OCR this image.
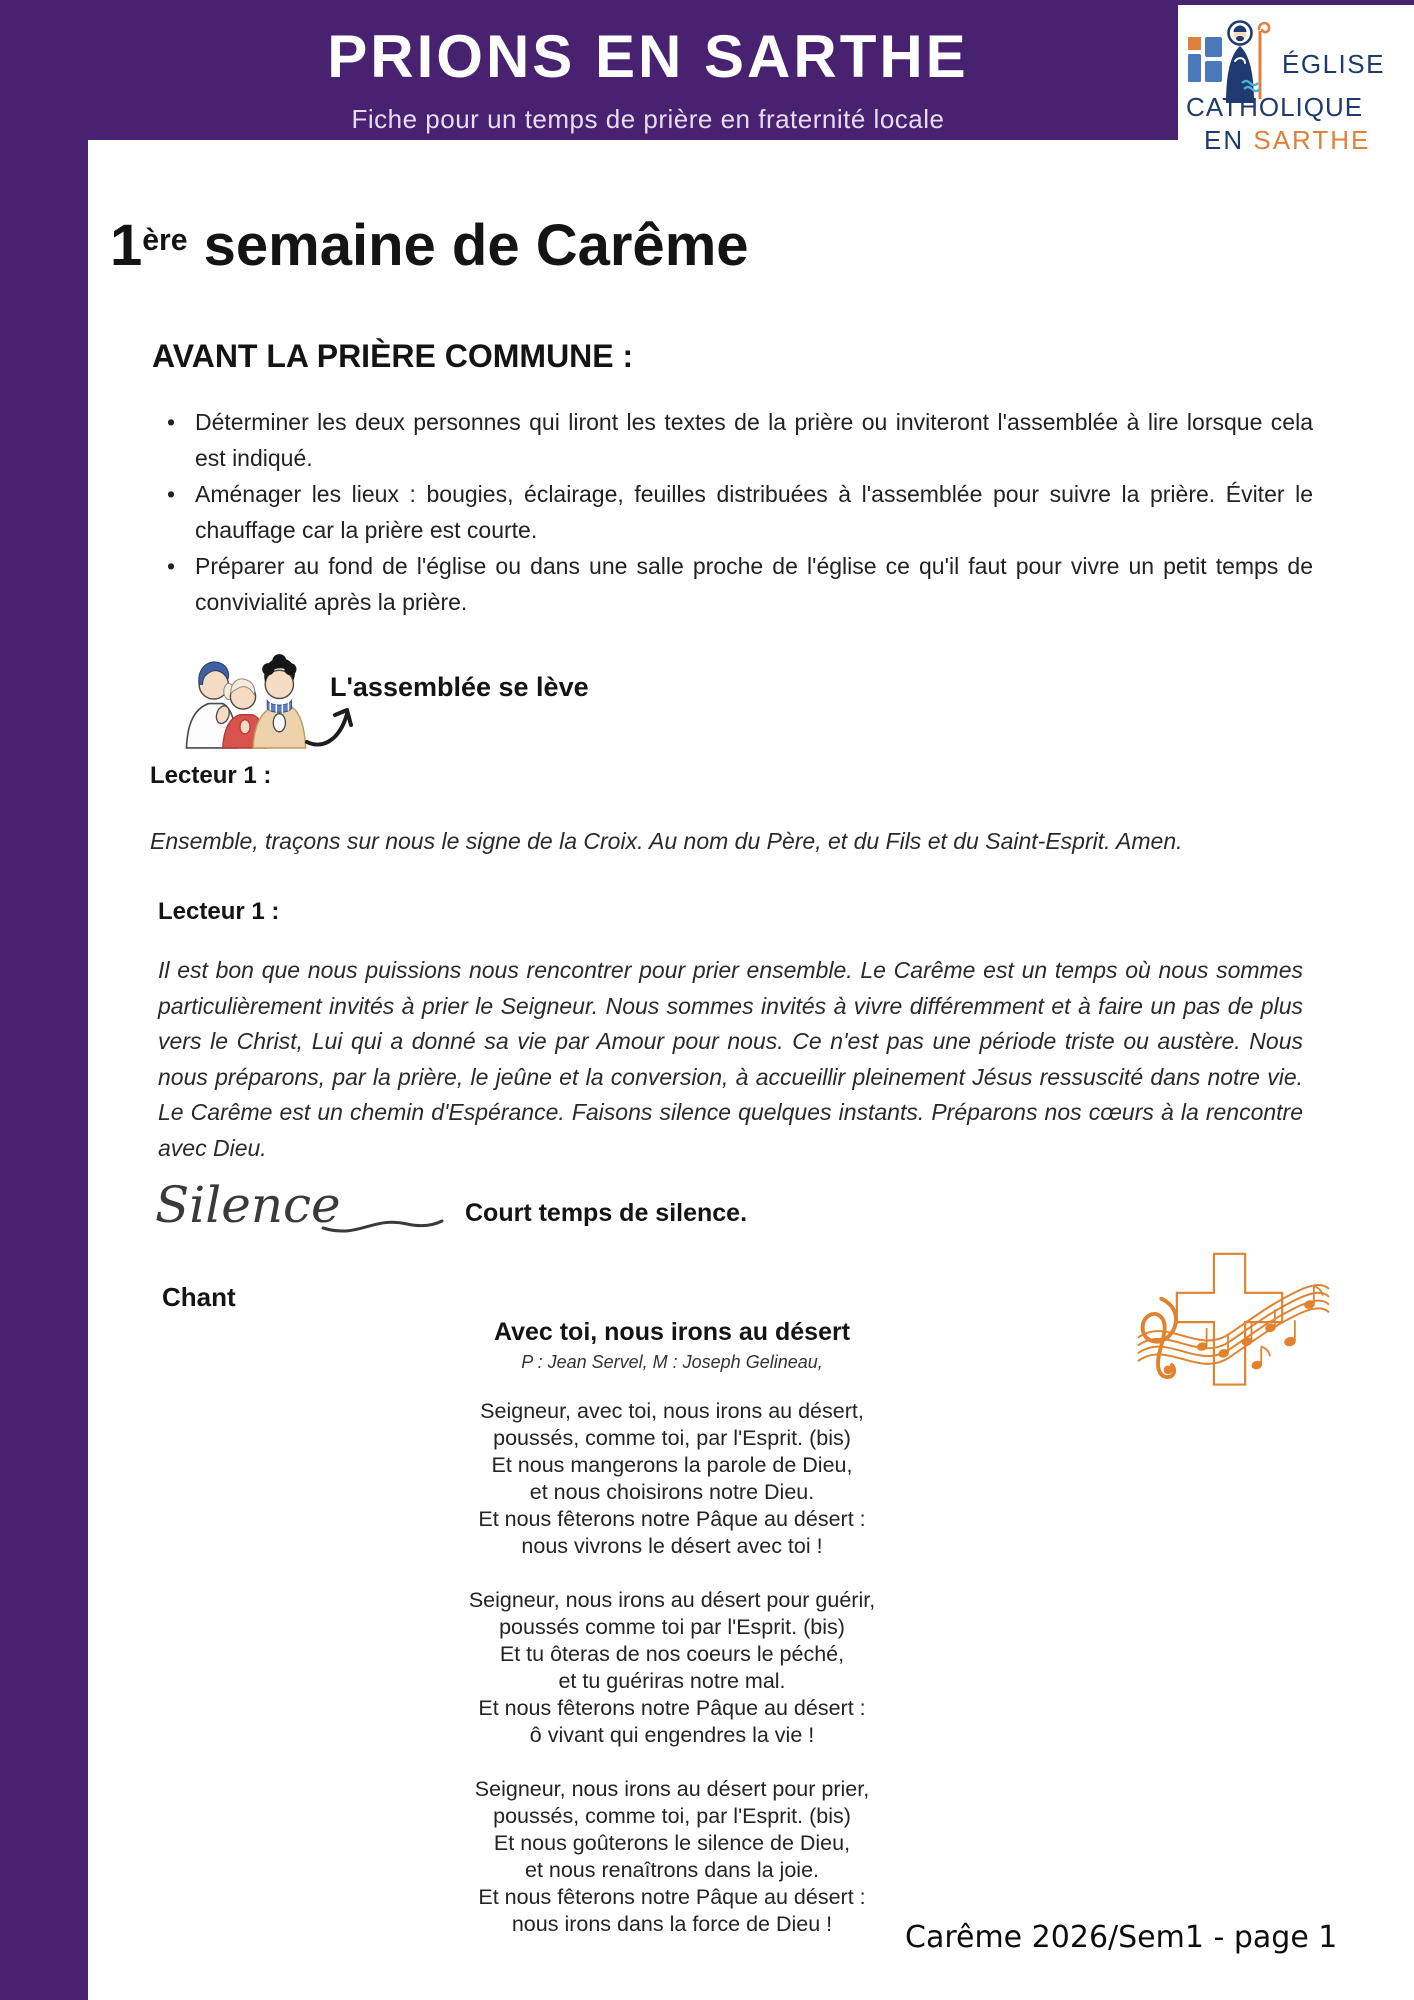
PRIONS EN SARTHE
Fiche pour un temps de prière en fraternité locale
ÉGLISE
CATHOLIQUE
EN SARTHE
1ère semaine de Carême
AVANT LA PRIÈRE COMMUNE :
• Déterminer les deux personnes qui liront les textes de la prière ou inviteront l'assemblée à lire lorsque cela est indiqué.
• Aménager les lieux : bougies, éclairage, feuilles distribuées à l'assemblée pour suivre la prière. Éviter le chauffage car la prière est courte.
• Préparer au fond de l'église ou dans une salle proche de l'église ce qu'il faut pour vivre un petit temps de convivialité après la prière.
L'assemblée se lève
Lecteur 1 :

Ensemble, traçons sur nous le signe de la Croix. Au nom du Père, et du Fils et du Saint-Esprit. Amen.

Lecteur 1 :

Il est bon que nous puissions nous rencontrer pour prier ensemble. Le Carême est un temps où nous sommes particulièrement invités à prier le Seigneur. Nous sommes invités à vivre différemment et à faire un pas de plus vers le Christ, Lui qui a donné sa vie par Amour pour nous. Ce n'est pas une période triste ou austère. Nous nous préparons, par la prière, le jeûne et la conversion, à accueillir pleinement Jésus ressuscité dans notre vie. Le Carême est un chemin d'Espérance. Faisons silence quelques instants. Préparons nos cœurs à la rencontre avec Dieu.

Silence	Court temps de silence.
Chant
Avec toi, nous irons au désert
P : Jean Servel, M : Joseph Gelineau,
Seigneur, avec toi, nous irons au désert,
poussés, comme toi, par l'Esprit. (bis)
Et nous mangerons la parole de Dieu,
et nous choisirons notre Dieu.
Et nous fêterons notre Pâque au désert :
nous vivrons le désert avec toi !
Seigneur, nous irons au désert pour guérir,
poussés comme toi par l'Esprit. (bis)
Et tu ôteras de nos coeurs le péché,
et tu guériras notre mal.
Et nous fêterons notre Pâque au désert :
ô vivant qui engendres la vie !
Seigneur, nous irons au désert pour prier,
poussés, comme toi, par l'Esprit. (bis)
Et nous goûterons le silence de Dieu,
et nous renaîtrons dans la joie.
Et nous fêterons notre Pâque au désert :
nous irons dans la force de Dieu !	Carême 2026/Sem1 - page 1
